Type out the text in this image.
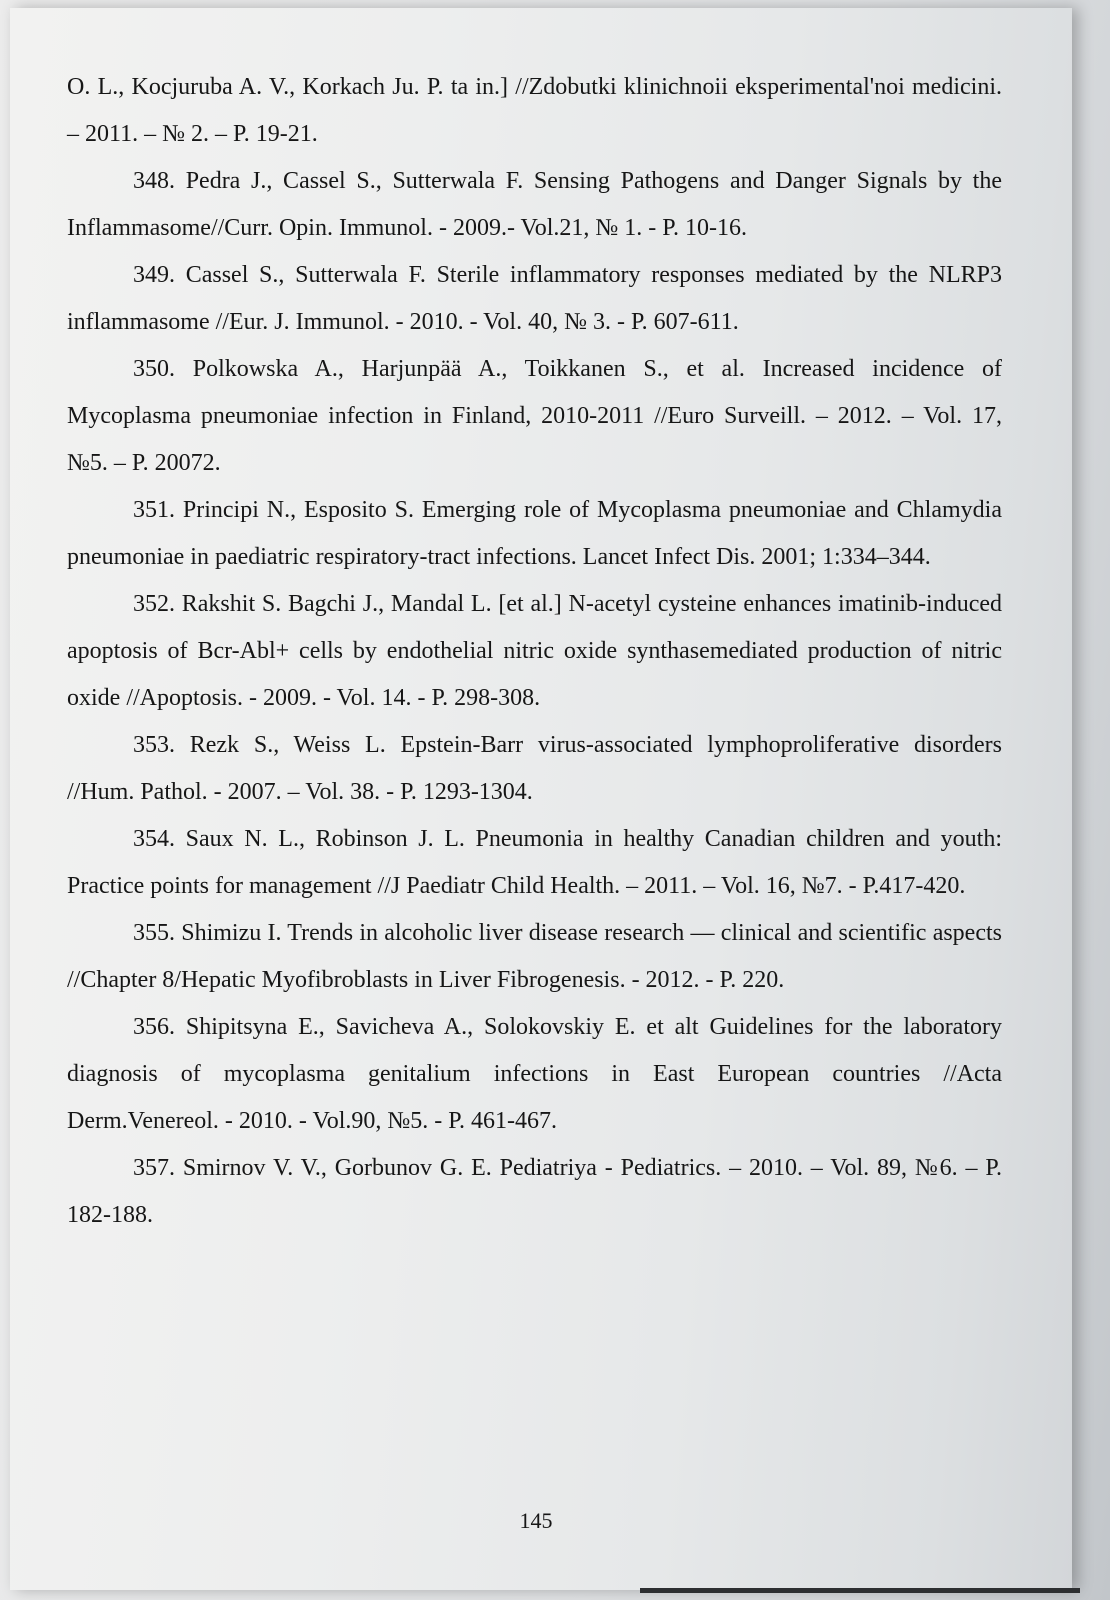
O. L., Kocjuruba A. V., Korkach Ju. P. ta in.] //Zdobutki klinichnoii eksperimental'noi medicini. – 2011. – № 2. – P. 19-21.

348. Pedra J., Cassel S., Sutterwala F. Sensing Pathogens and Danger Signals by the Inflammasome//Curr. Opin. Immunol. - 2009.- Vol.21, № 1. - P. 10-16.

349. Cassel S., Sutterwala F. Sterile inflammatory responses mediated by the NLRP3 inflammasome //Eur. J. Immunol. - 2010. - Vol. 40, № 3. - P. 607-611.

350. Polkowska A., Harjunpää A., Toikkanen S., et al. Increased incidence of Mycoplasma pneumoniae infection in Finland, 2010-2011 //Euro Surveill. – 2012. – Vol. 17, №5. – P. 20072.

351. Principi N., Esposito S. Emerging role of Mycoplasma pneumoniae and Chlamydia pneumoniae in paediatric respiratory-tract infections. Lancet Infect Dis. 2001; 1:334–344.

352. Rakshit S. Bagchi J., Mandal L. [et al.] N-acetyl cysteine enhances imatinib-induced apoptosis of Bcr-Abl+ cells by endothelial nitric oxide synthasemediated production of nitric oxide //Apoptosis. - 2009. - Vol. 14. - P. 298-308.

353. Rezk S., Weiss L. Epstein-Barr virus-associated lymphoproliferative disorders //Hum. Pathol. - 2007. – Vol. 38. - P. 1293-1304.

354. Saux N. L., Robinson J. L. Pneumonia in healthy Canadian children and youth: Practice points for management //J Paediatr Child Health. – 2011. – Vol. 16, №7. - P.417-420.

355. Shimizu I. Trends in alcoholic liver disease research — clinical and scientific aspects //Chapter 8/Hepatic Myofibroblasts in Liver Fibrogenesis. - 2012. - P. 220.

356. Shipitsyna E., Savicheva A., Solokovskiy E. et alt Guidelines for the laboratory diagnosis of mycoplasma genitalium infections in East European countries //Acta Derm.Venereol. - 2010. - Vol.90, №5. - P. 461-467.

357. Smirnov V. V., Gorbunov G. E. Pediatriya - Pediatrics. – 2010. – Vol. 89, №6. – P. 182-188.

145
